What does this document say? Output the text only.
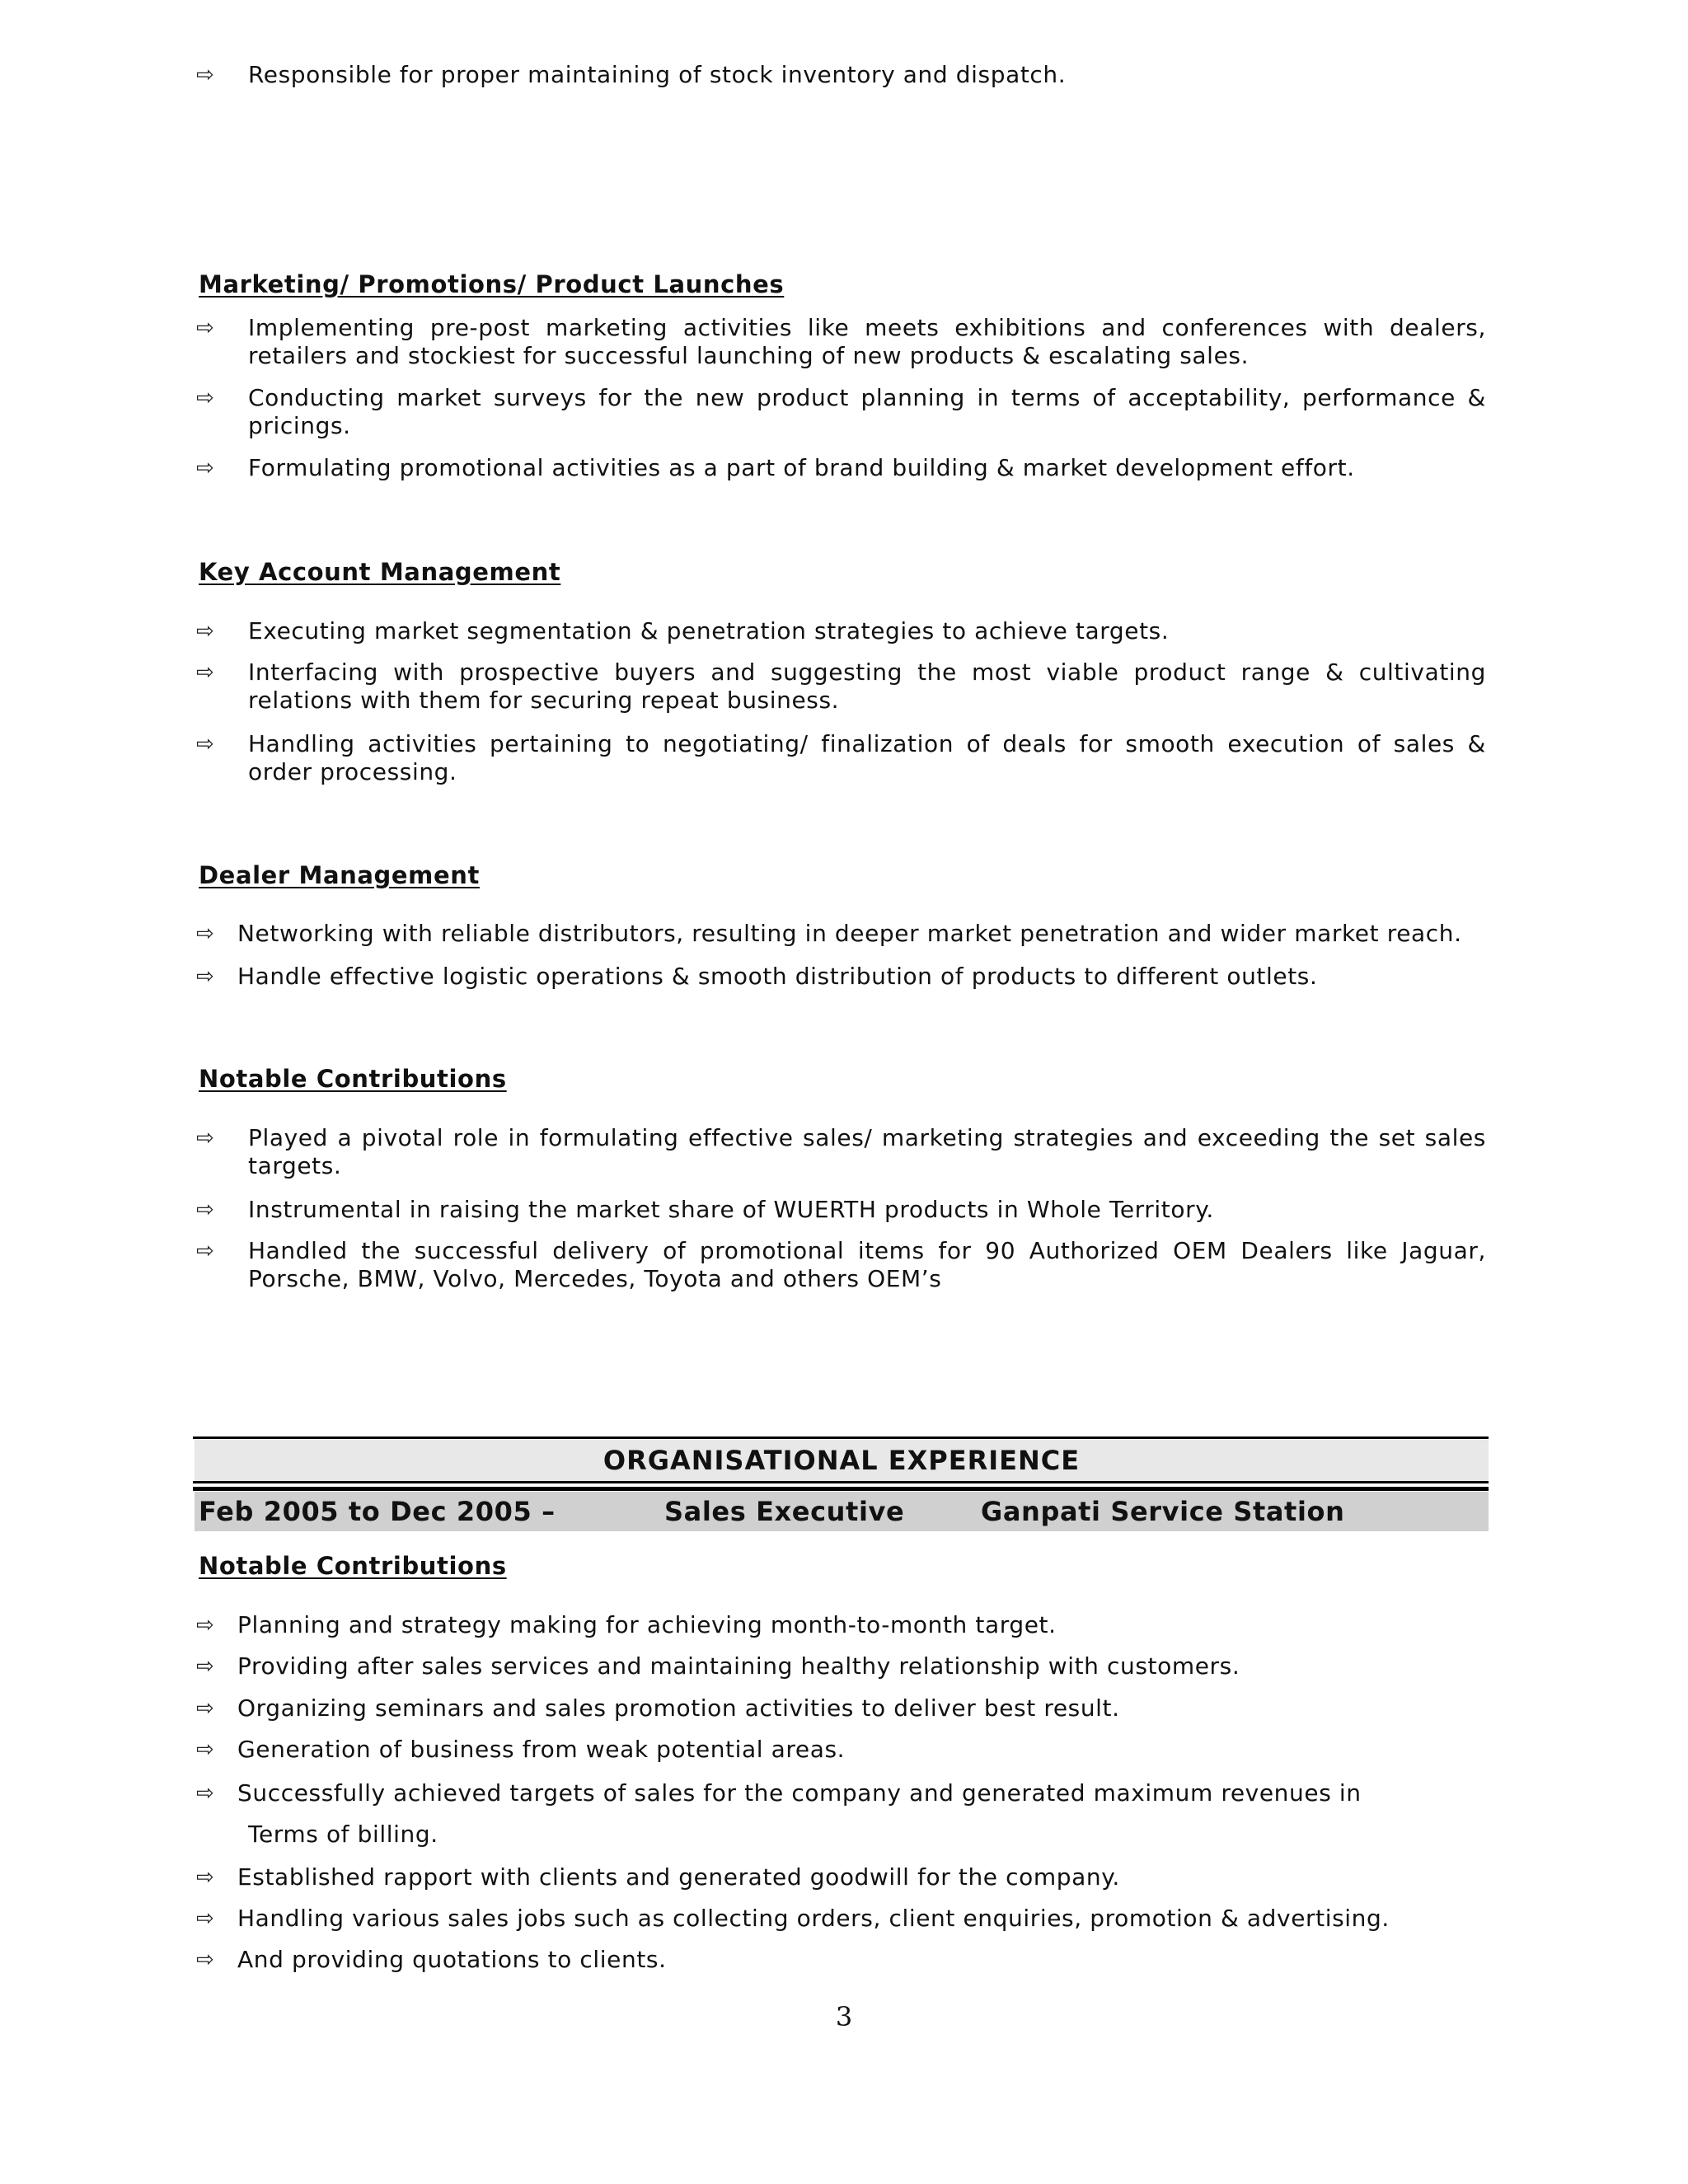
⇨ Responsible for proper maintaining of stock inventory and dispatch.
Marketing/ Promotions/ Product Launches
⇨ Implementing pre-post marketing activities like meets exhibitions and conferences with dealers, retailers and stockiest for successful launching of new products & escalating sales.
⇨ Conducting market surveys for the new product planning in terms of acceptability, performance & pricings.
⇨ Formulating promotional activities as a part of brand building & market development effort.
Key Account Management
⇨ Executing market segmentation & penetration strategies to achieve targets.
⇨ Interfacing with prospective buyers and suggesting the most viable product range & cultivating relations with them for securing repeat business.
⇨ Handling activities pertaining to negotiating/ finalization of deals for smooth execution of sales & order processing.
Dealer Management
⇨ Networking with reliable distributors, resulting in deeper market penetration and wider market reach.
⇨ Handle effective logistic operations & smooth distribution of products to different outlets.
Notable Contributions
⇨ Played a pivotal role in formulating effective sales/ marketing strategies and exceeding the set sales targets.
⇨ Instrumental in raising the market share of WUERTH products in Whole Territory.
⇨ Handled the successful delivery of promotional items for 90 Authorized OEM Dealers like Jaguar, Porsche, BMW, Volvo, Mercedes, Toyota and others OEM’s
ORGANISATIONAL EXPERIENCE
Feb 2005 to Dec 2005 –	Sales Executive	Ganpati Service Station
Notable Contributions
⇨ Planning and strategy making for achieving month-to-month target.
⇨ Providing after sales services and maintaining healthy relationship with customers.
⇨ Organizing seminars and sales promotion activities to deliver best result.
⇨ Generation of business from weak potential areas.
⇨ Successfully achieved targets of sales for the company and generated maximum revenues in
Terms of billing.
⇨ Established rapport with clients and generated goodwill for the company.
⇨ Handling various sales jobs such as collecting orders, client enquiries, promotion & advertising.
⇨ And providing quotations to clients.
3
